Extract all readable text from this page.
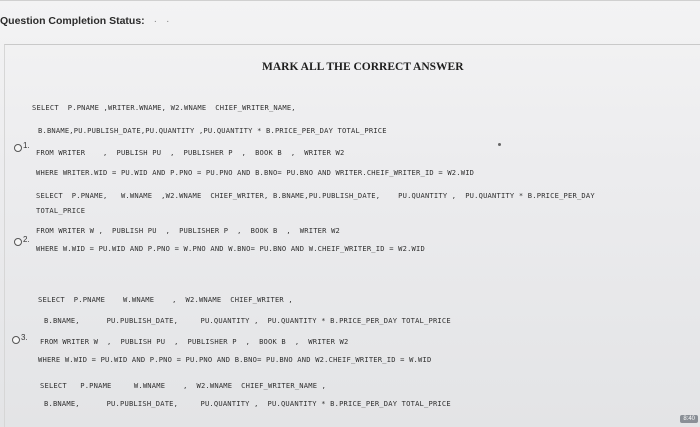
Question Completion Status: · ·
MARK ALL THE CORRECT ANSWER
SELECT  P.PNAME ,WRITER.WNAME, W2.WNAME  CHIEF_WRITER_NAME,
B.BNAME,PU.PUBLISH_DATE,PU.QUANTITY ,PU.QUANTITY * B.PRICE_PER_DAY TOTAL_PRICE
1.
FROM WRITER    ,  PUBLISH PU  ,  PUBLISHER P  ,  BOOK B  ,  WRITER W2
WHERE WRITER.WID = PU.WID AND P.PNO = PU.PNO AND B.BNO= PU.BNO AND WRITER.CHEIF_WRITER_ID = W2.WID
SELECT  P.PNAME,   W.WNAME  ,W2.WNAME  CHIEF_WRITER, B.BNAME,PU.PUBLISH_DATE,    PU.QUANTITY ,  PU.QUANTITY * B.PRICE_PER_DAY
TOTAL_PRICE
FROM WRITER W ,  PUBLISH PU  ,  PUBLISHER P  ,  BOOK B  ,  WRITER W2
2.
WHERE W.WID = PU.WID AND P.PNO = W.PNO AND W.BNO= PU.BNO AND W.CHEIF_WRITER_ID = W2.WID
SELECT  P.PNAME    W.WNAME    ,  W2.WNAME  CHIEF_WRITER ,
B.BNAME,      PU.PUBLISH_DATE,     PU.QUANTITY ,  PU.QUANTITY * B.PRICE_PER_DAY TOTAL_PRICE
3. FROM WRITER W  ,  PUBLISH PU  ,  PUBLISHER P  ,  BOOK B  ,  WRITER W2
WHERE W.WID = PU.WID AND P.PNO = PU.PNO AND B.BNO= PU.BNO AND W2.CHEIF_WRITER_ID = W.WID
SELECT   P.PNAME     W.WNAME    ,  W2.WNAME  CHIEF_WRITER_NAME ,
B.BNAME,      PU.PUBLISH_DATE,     PU.QUANTITY ,  PU.QUANTITY * B.PRICE_PER_DAY TOTAL_PRICE
8:40
